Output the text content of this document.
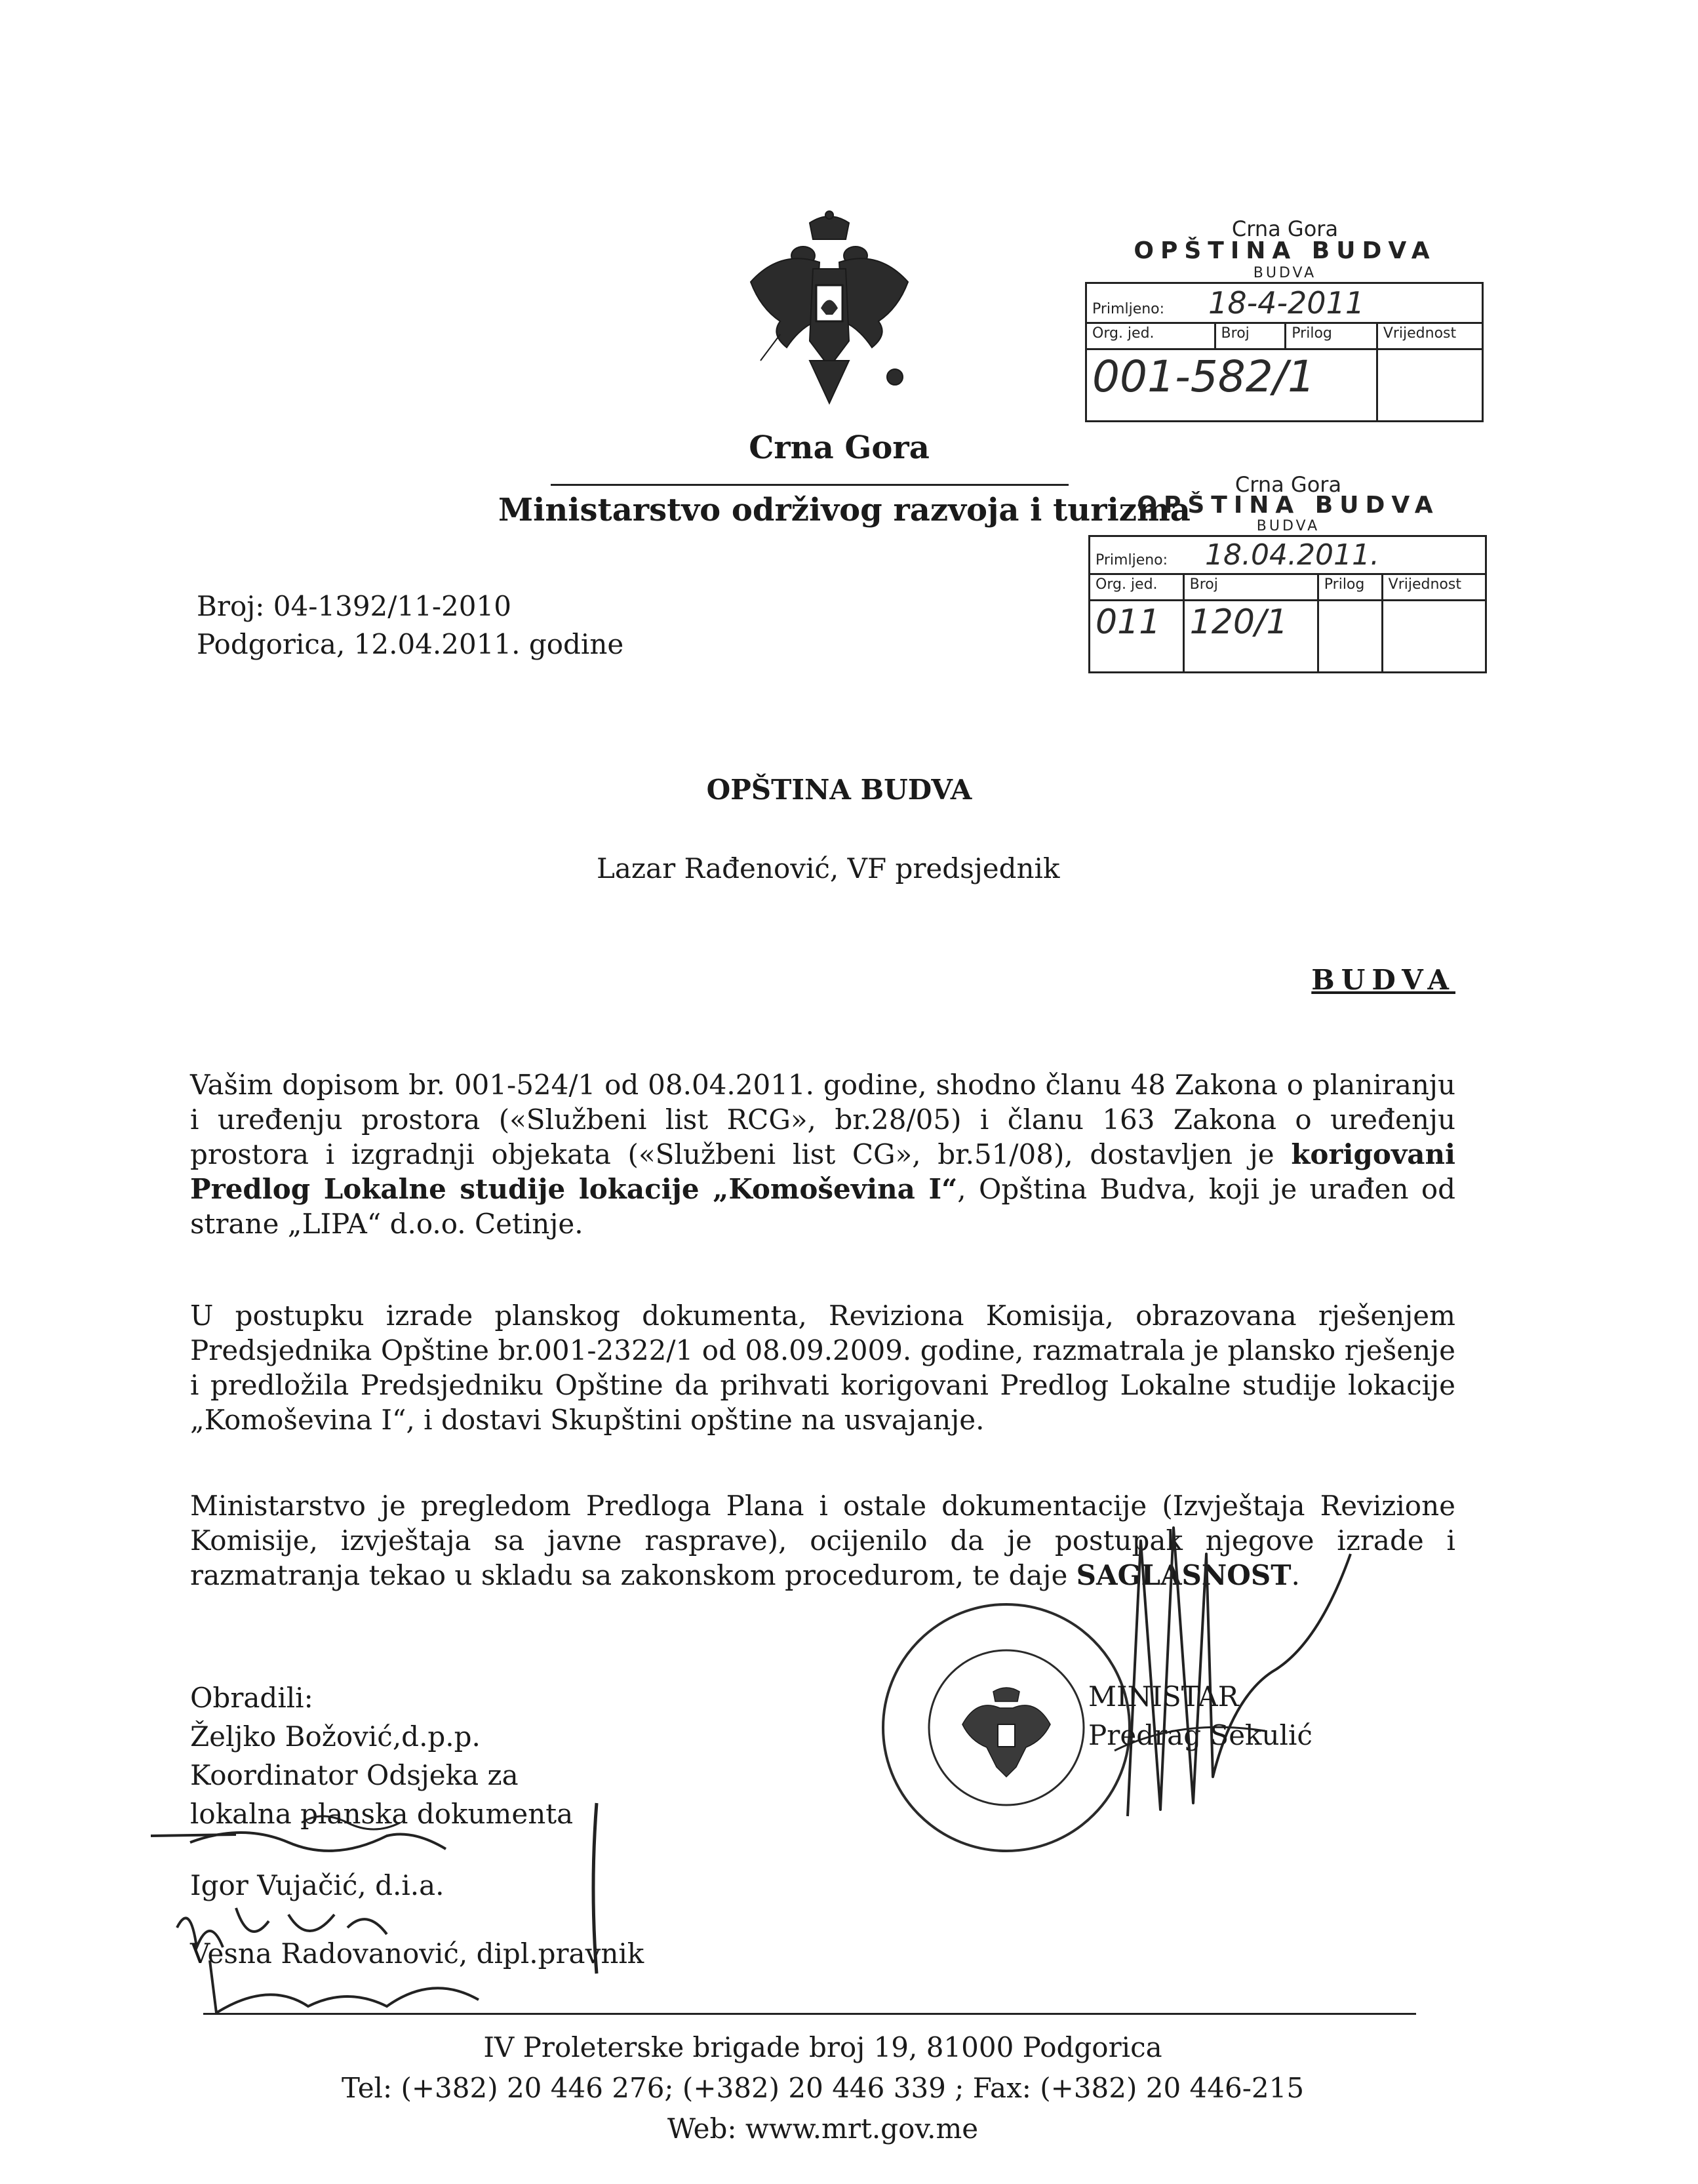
Crna Gora
Ministarstvo održivog razvoja i turizma
Broj: 04-1392/11-2010
Podgorica, 12.04.2011. godine
Crna Gora
OPŠTINA BUDVA
BUDVA
Primljeno: 18-4-2011			
Org. jed.	Broj	Prilog	Vrijednost
001-582/1			
Crna Gora
OPŠTINA BUDVA
BUDVA
Primljeno: 18.04.2011.			
Org. jed.	Broj	Prilog	Vrijednost
011	120/1		
OPŠTINA BUDVA
Lazar Rađenović, VF predsjednik
BUDVA
Vašim dopisom br. 001-524/1 od 08.04.2011. godine, shodno članu 48 Zakona o planiranju i uređenju prostora («Službeni list RCG», br.28/05) i članu 163 Zakona o uređenju prostora i izgradnji objekata («Službeni list CG», br.51/08), dostavljen je korigovani Predlog Lokalne studije lokacije „Komoševina I“, Opština Budva, koji je urađen od strane „LIPA“ d.o.o. Cetinje.
U postupku izrade planskog dokumenta, Reviziona Komisija, obrazovana rješenjem Predsjednika Opštine br.001-2322/1 od 08.09.2009. godine, razmatrala je plansko rješenje i predložila Predsjedniku Opštine da prihvati korigovani Predlog Lokalne studije lokacije „Komoševina I“, i dostavi Skupštini opštine na usvajanje.
Ministarstvo je pregledom Predloga Plana i ostale dokumentacije (Izvještaja Revizione Komisije, izvještaja sa javne rasprave), ocijenilo da je postupak njegove izrade i razmatranja tekao u skladu sa zakonskom procedurom, te daje SAGLASNOST.
Obradili:
Željko Božović,d.p.p.
Koordinator Odsjeka za
lokalna planska dokumenta
Igor Vujačić, d.i.a.
Vesna Radovanović, dipl.pravnik
MINISTAR
Predrag Sekulić
IV Proleterske brigade broj 19, 81000 Podgorica
Tel: (+382) 20 446 276; (+382) 20 446 339 ; Fax: (+382) 20 446-215
Web: www.mrt.gov.me
